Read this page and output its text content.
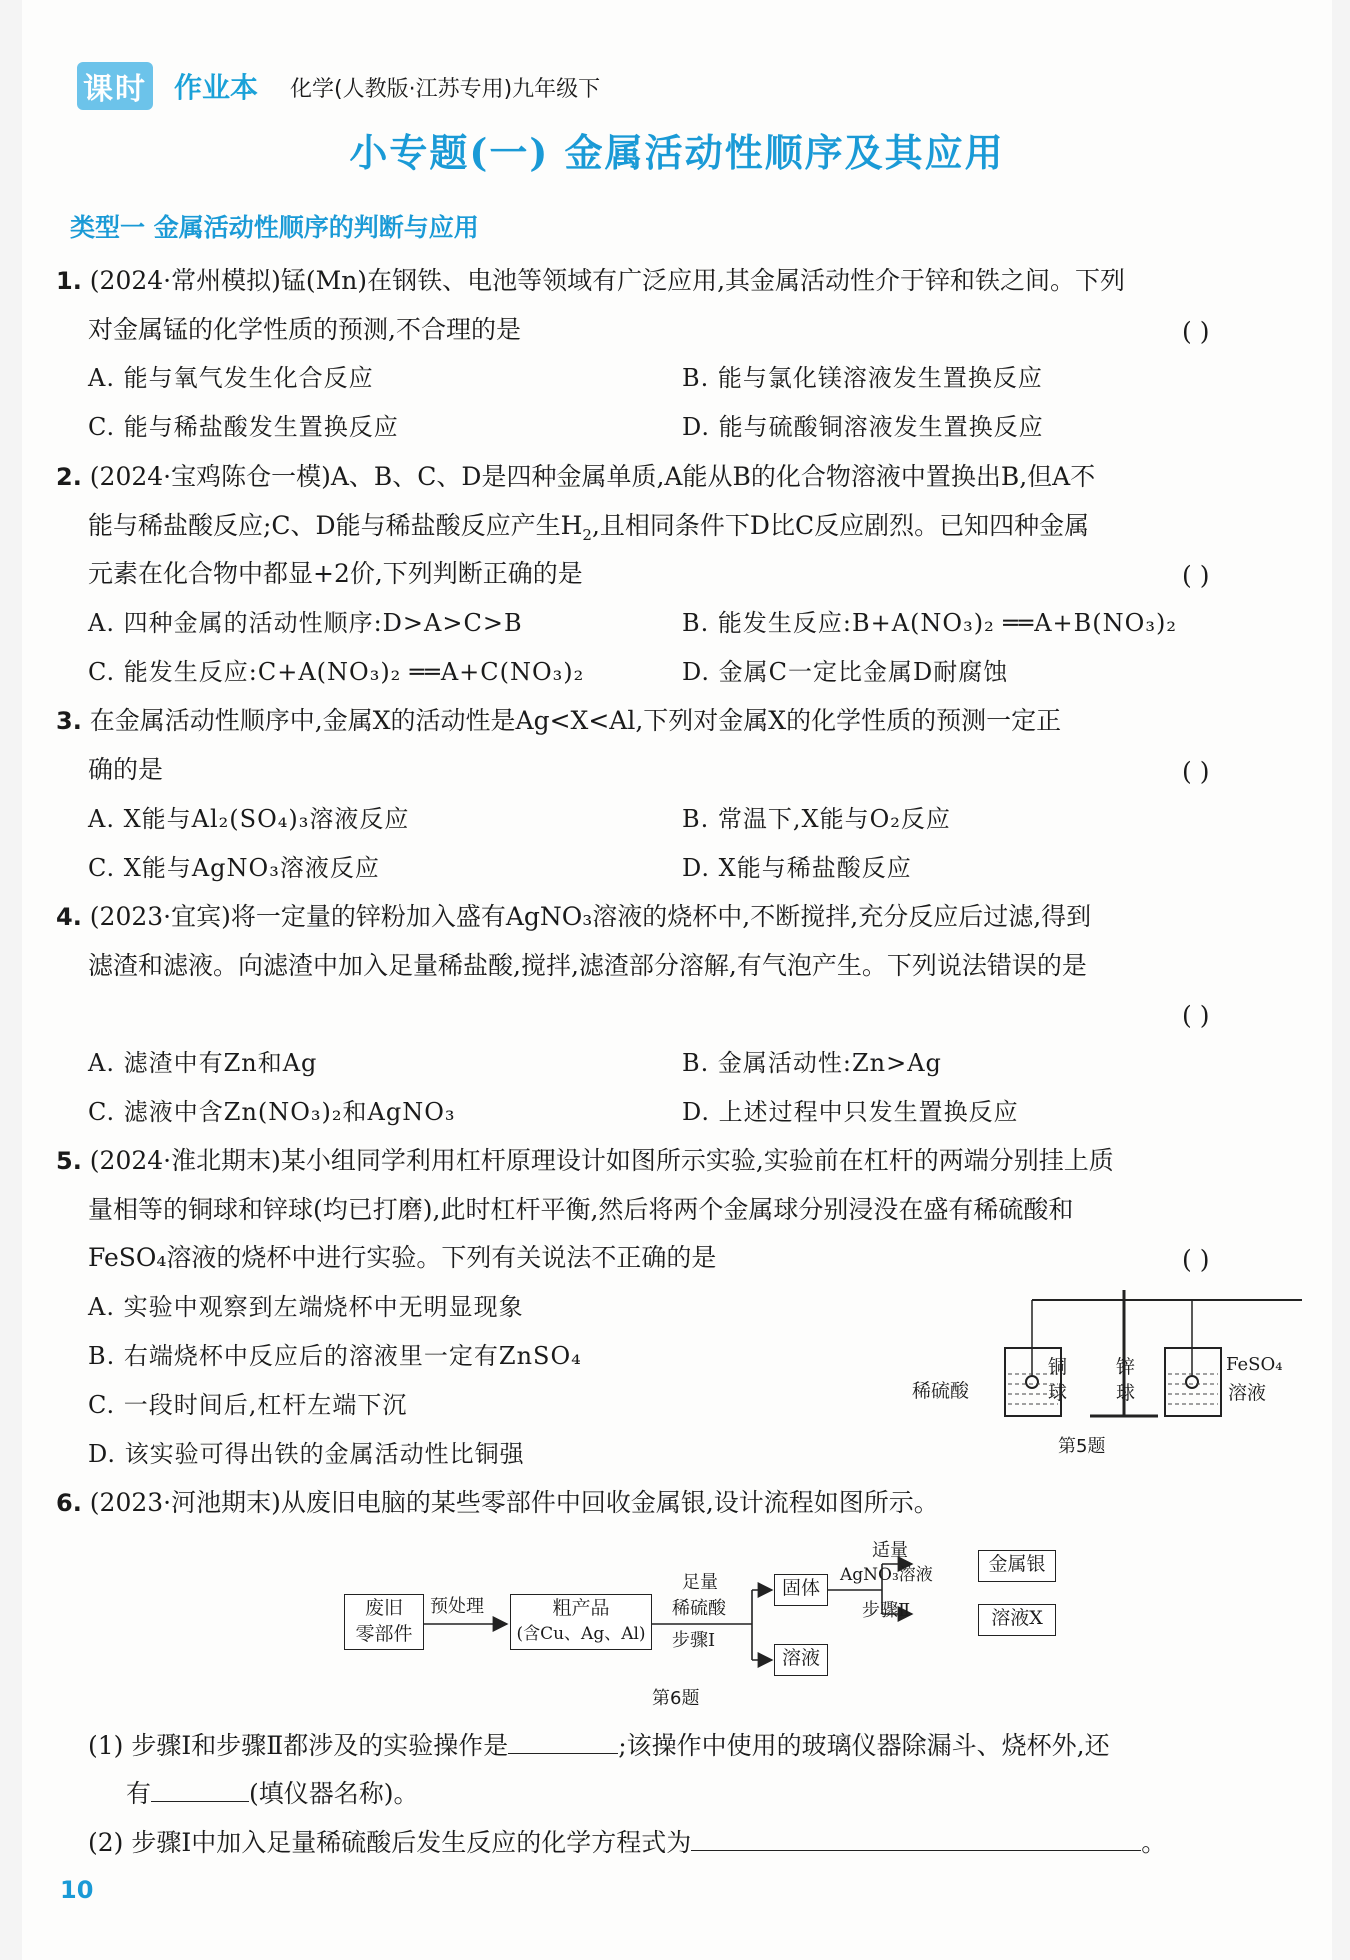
课时 作业本 化学(人教版·江苏专用)九年级下
小专题(一) 金属活动性顺序及其应用
类型一 金属活动性顺序的判断与应用
1. (2024·常州模拟)锰(Mn)在钢铁、电池等领域有广泛应用,其金属活动性介于锌和铁之间。下列
对金属锰的化学性质的预测,不合理的是	( )
A. 能与氧气发生化合反应	B. 能与氯化镁溶液发生置换反应
C. 能与稀盐酸发生置换反应	D. 能与硫酸铜溶液发生置换反应
2. (2024·宝鸡陈仓一模)A、B、C、D是四种金属单质,A能从B的化合物溶液中置换出B,但A不
能与稀盐酸反应;C、D能与稀盐酸反应产生$H_2$,且相同条件下D比C反应剧烈。已知四种金属
元素在化合物中都显+2价,下列判断正确的是	( )
A. 四种金属的活动性顺序:D>A>C>B	B. 能发生反应:B+A(NO₃)₂ ══A+B(NO₃)₂
C. 能发生反应:C+A(NO₃)₂ ══A+C(NO₃)₂	D. 金属C一定比金属D耐腐蚀
3. 在金属活动性顺序中,金属X的活动性是Ag<X<Al,下列对金属X的化学性质的预测一定正
确的是	( )
A. X能与Al₂(SO₄)₃溶液反应	B. 常温下,X能与O₂反应
C. X能与AgNO₃溶液反应	D. X能与稀盐酸反应
4. (2023·宜宾)将一定量的锌粉加入盛有AgNO₃溶液的烧杯中,不断搅拌,充分反应后过滤,得到
滤渣和滤液。向滤渣中加入足量稀盐酸,搅拌,滤渣部分溶解,有气泡产生。下列说法错误的是
( )
A. 滤渣中有Zn和Ag	B. 金属活动性:Zn>Ag
C. 滤液中含Zn(NO₃)₂和AgNO₃	D. 上述过程中只发生置换反应
5. (2024·淮北期末)某小组同学利用杠杆原理设计如图所示实验,实验前在杠杆的两端分别挂上质
量相等的铜球和锌球(均已打磨),此时杠杆平衡,然后将两个金属球分别浸没在盛有稀硫酸和
FeSO₄溶液的烧杯中进行实验。下列有关说法不正确的是	( )
A. 实验中观察到左端烧杯中无明显现象
B. 右端烧杯中反应后的溶液里一定有ZnSO₄
C. 一段时间后,杠杆左端下沉
D. 该实验可得出铁的金属活动性比铜强
稀硫酸
铜
球
锌
球
FeSO₄
溶液
第5题
6. (2023·河池期末)从废旧电脑的某些零部件中回收金属银,设计流程如图所示。
废旧
零部件
预处理	粗产品
(含Cu、Ag、Al)
足量
稀硫酸
步骤Ⅰ
固体
溶液
适量
AgNO₃溶液
步骤Ⅱ
金属银
溶液X
第6题
(1) 步骤Ⅰ和步骤Ⅱ都涉及的实验操作是	;该操作中使用的玻璃仪器除漏斗、烧杯外,还
有	(填仪器名称)。
(2) 步骤Ⅰ中加入足量稀硫酸后发生反应的化学方程式为	。
10
